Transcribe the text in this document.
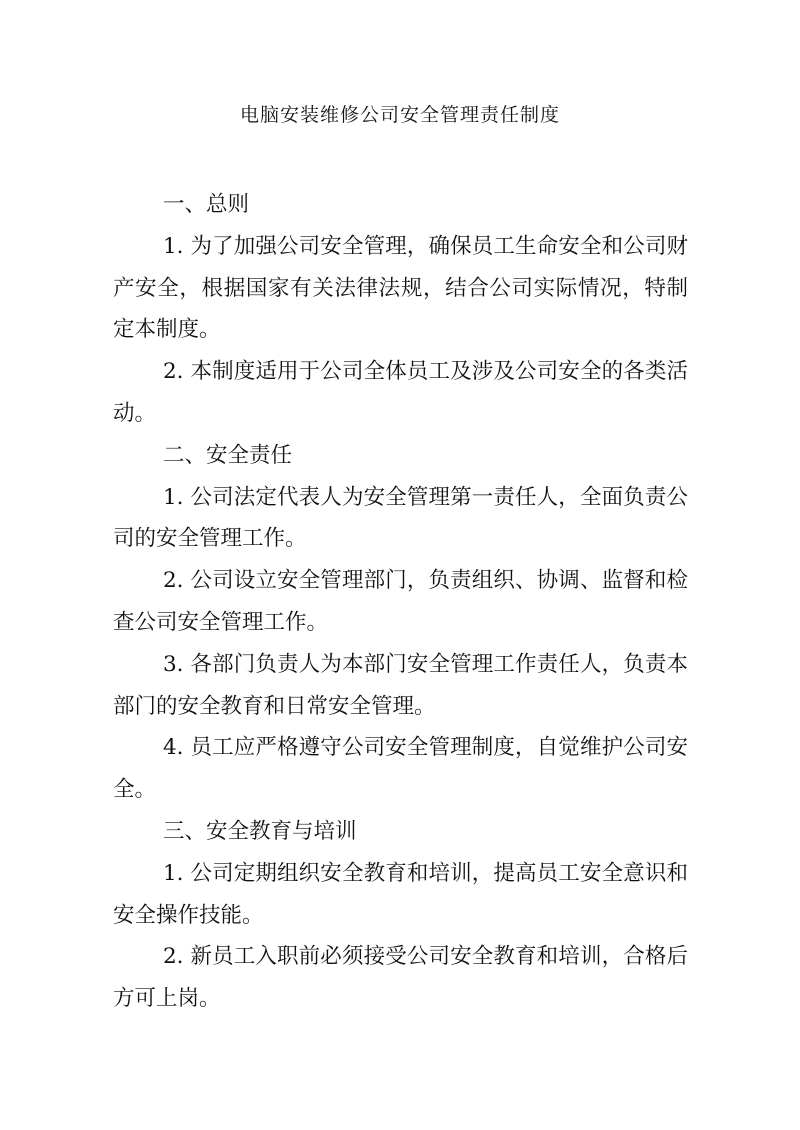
电脑安装维修公司安全管理责任制度

一、总则

1. 为了加强公司安全管理，确保员工生命安全和公司财产安全，根据国家有关法律法规，结合公司实际情况，特制定本制度。

2. 本制度适用于公司全体员工及涉及公司安全的各类活动。

二、安全责任

1. 公司法定代表人为安全管理第一责任人，全面负责公司的安全管理工作。

2. 公司设立安全管理部门，负责组织、协调、监督和检查公司安全管理工作。

3. 各部门负责人为本部门安全管理工作责任人，负责本部门的安全教育和日常安全管理。

4. 员工应严格遵守公司安全管理制度，自觉维护公司安全。

三、安全教育与培训

1. 公司定期组织安全教育和培训，提高员工安全意识和安全操作技能。

2. 新员工入职前必须接受公司安全教育和培训，合格后方可上岗。
